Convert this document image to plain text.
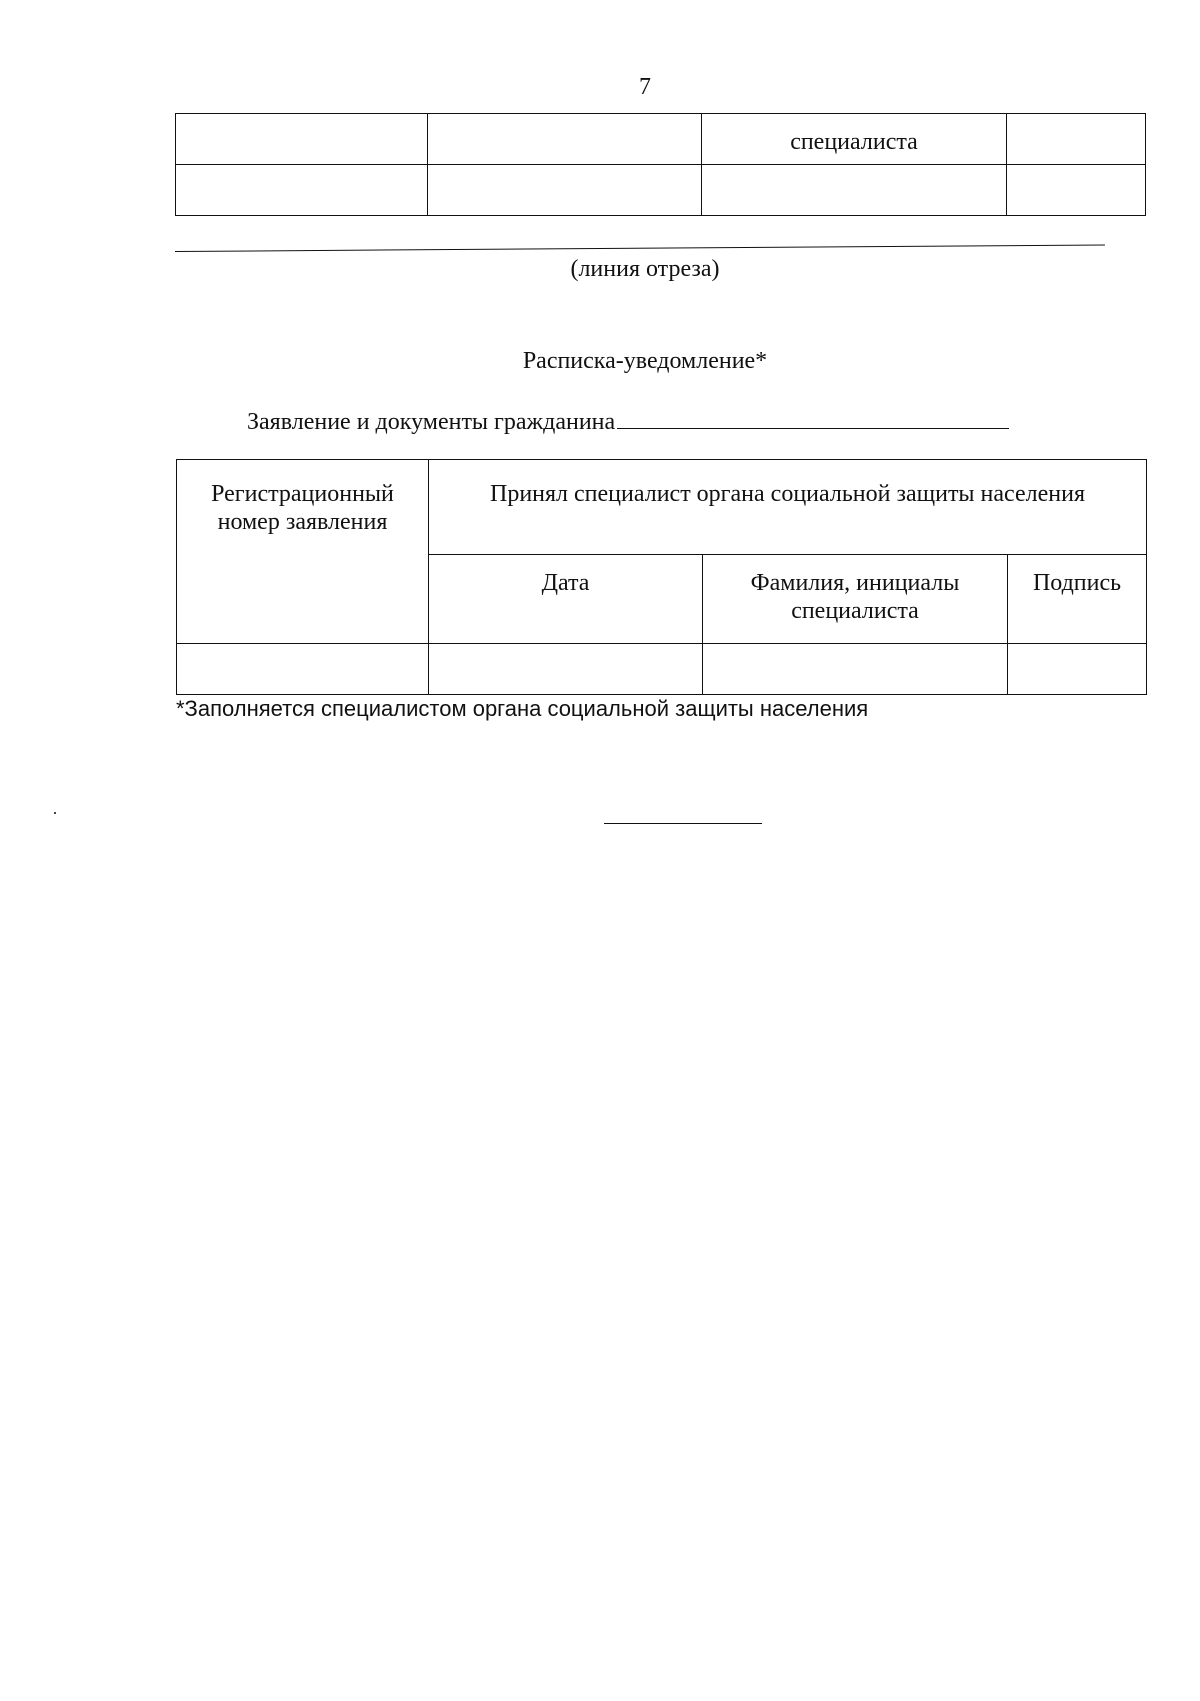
7

		специалиста	

(линия отреза)
Расписка-уведомление*
Заявление и документы гражданина
Регистрационный номер заявления	Принял специалист органа социальной защиты населения		

	Дата	Фамилия, инициалы специалиста	Подпись

*Заполняется специалистом органа социальной защиты населения
